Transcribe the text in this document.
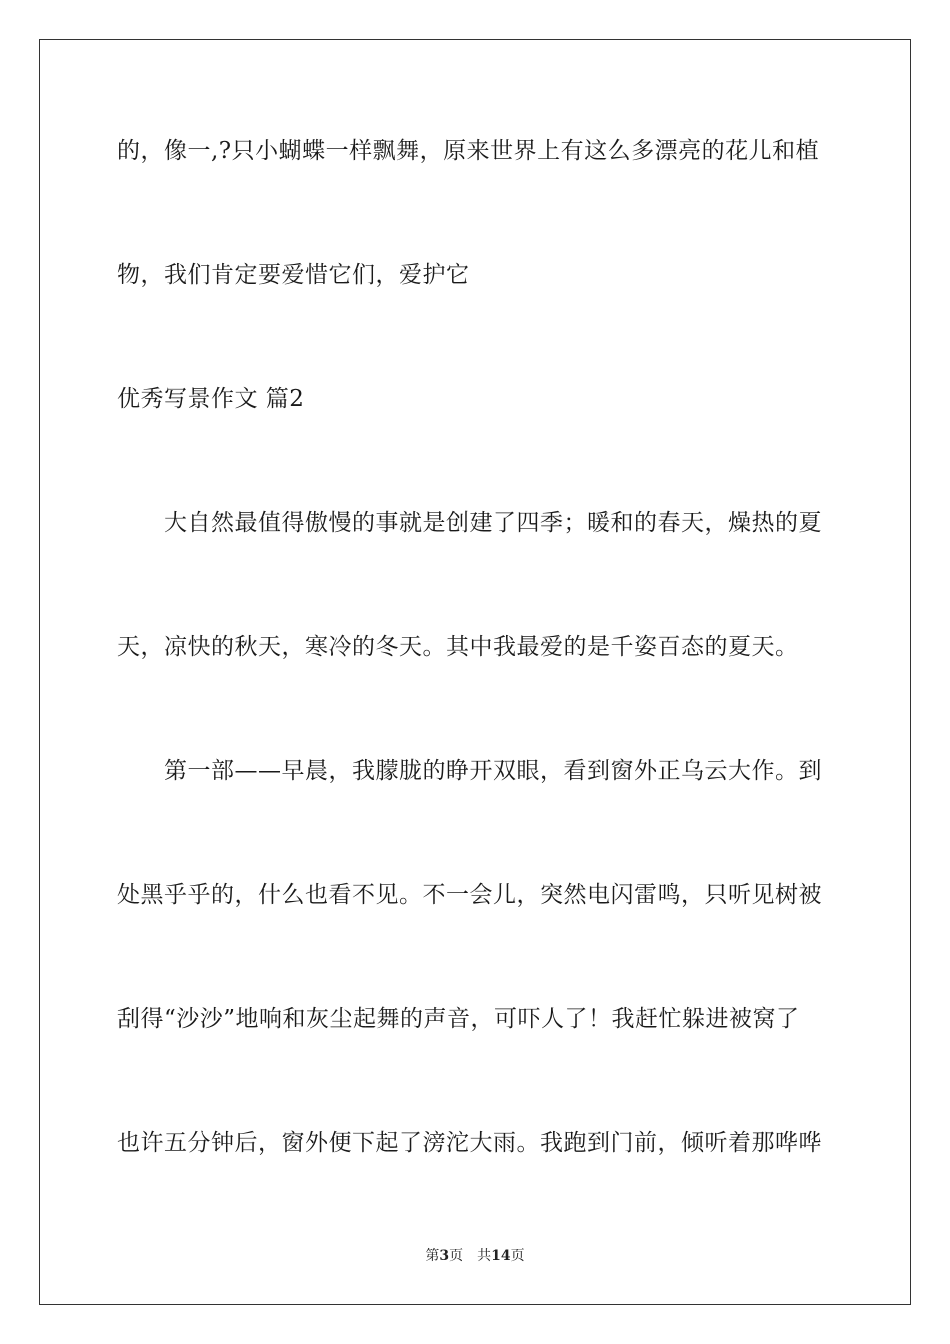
的，像一,?只小蝴蝶一样飘舞，原来世界上有这么多漂亮的花儿和植
物，我们肯定要爱惜它们，爱护它
优秀写景作文 篇2
大自然最值得傲慢的事就是创建了四季；暖和的春天，燥热的夏
天，凉快的秋天，寒冷的冬天。其中我最爱的是千姿百态的夏天。
第一部——早晨，我朦胧的睁开双眼，看到窗外正乌云大作。到
处黑乎乎的，什么也看不见。不一会儿，突然电闪雷鸣，只听见树被
刮得“沙沙”地响和灰尘起舞的声音，可吓人了！我赶忙躲进被窝了
也许五分钟后，窗外便下起了滂沱大雨。我跑到门前，倾听着那哗哗
第3页 共14页
